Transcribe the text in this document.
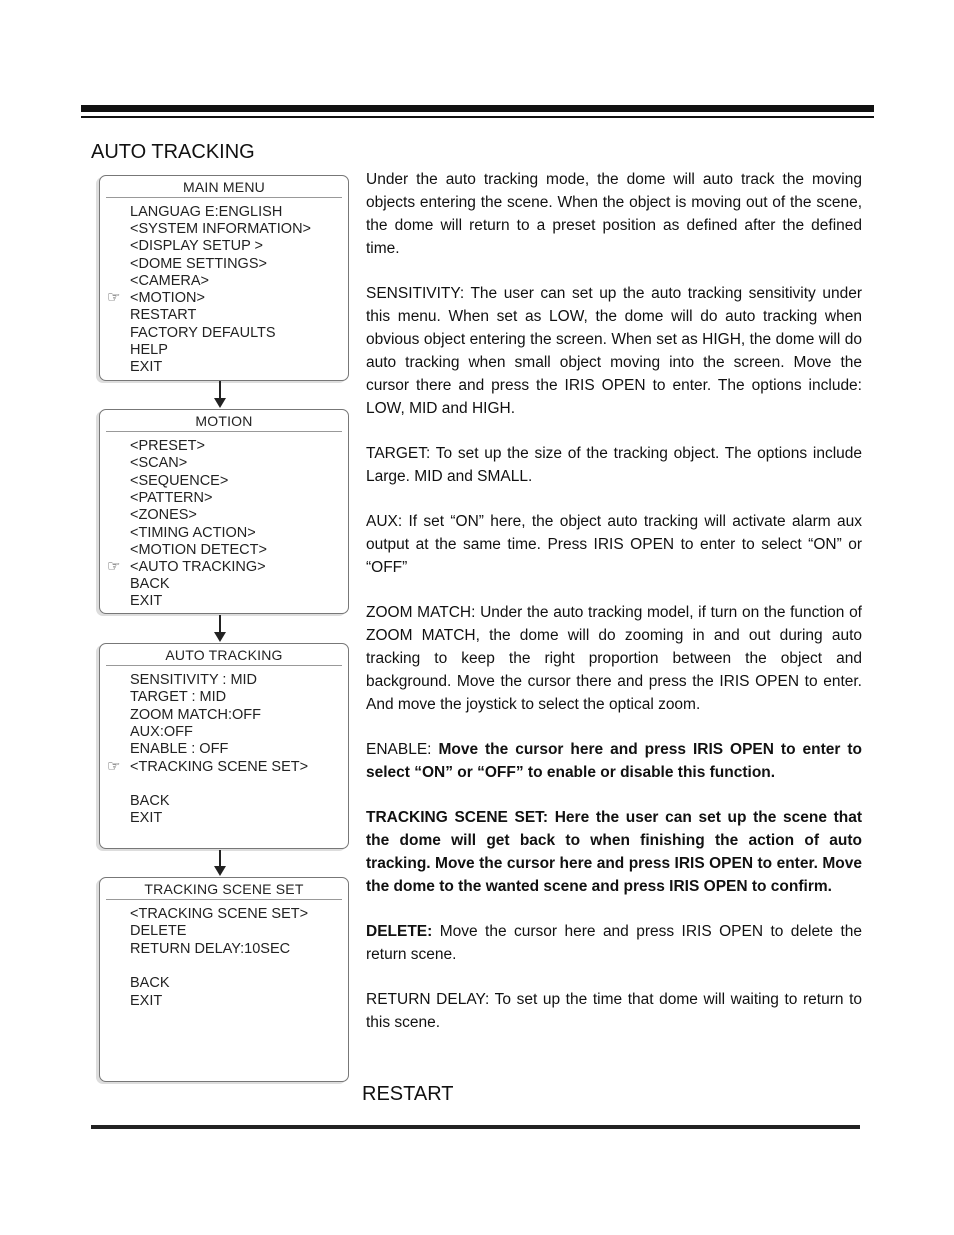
AUTO TRACKING
MAIN MENU
LANGUAG E:ENGLISH
<SYSTEM INFORMATION>
<DISPLAY SETUP >
<DOME SETTINGS>
<CAMERA>
☞ <MOTION>
RESTART
FACTORY DEFAULTS
HELP
EXIT
MOTION
<PRESET>
<SCAN>
<SEQUENCE>
<PATTERN>
<ZONES>
<TIMING ACTION>
<MOTION DETECT>
☞ <AUTO TRACKING>
BACK
EXIT
AUTO TRACKING
SENSITIVITY : MID
TARGET : MID
ZOOM MATCH:OFF
AUX:OFF
ENABLE : OFF
☞ <TRACKING SCENE SET>
BACK
EXIT
TRACKING SCENE SET
<TRACKING SCENE SET>
DELETE
RETURN DELAY:10SEC
BACK
EXIT

Under the auto tracking mode, the dome will auto track the moving objects entering the scene. When the object is moving out of the scene, the dome will return to a preset position as defined after the defined time.

SENSITIVITY: The user can set up the auto tracking sensitivity under this menu. When set as LOW, the dome will do auto tracking when obvious object entering the screen. When set as HIGH, the dome will do auto tracking when small object moving into the screen. Move the cursor there and press the IRIS OPEN to enter. The options include: LOW, MID and HIGH.

TARGET: To set up the size of the tracking object. The options include Large. MID and SMALL.

AUX: If set “ON” here, the object auto tracking will activate alarm aux output at the same time. Press IRIS OPEN to enter to select “ON” or “OFF”

ZOOM MATCH: Under the auto tracking model, if turn on the function of ZOOM MATCH, the dome will do zooming in and out during auto tracking to keep the right proportion between the object and background. Move the cursor there and press the IRIS OPEN to enter. And move the joystick to select the optical zoom.

ENABLE: Move the cursor here and press IRIS OPEN to enter to select “ON” or “OFF” to enable or disable this function.

TRACKING SCENE SET: Here the user can set up the scene that the dome will get back to when finishing the action of auto tracking. Move the cursor here and press IRIS OPEN to enter. Move the dome to the wanted scene and press IRIS OPEN to confirm.

DELETE: Move the cursor here and press IRIS OPEN to delete the return scene.

RETURN DELAY: To set up the time that dome will waiting to return to this scene.

RESTART
